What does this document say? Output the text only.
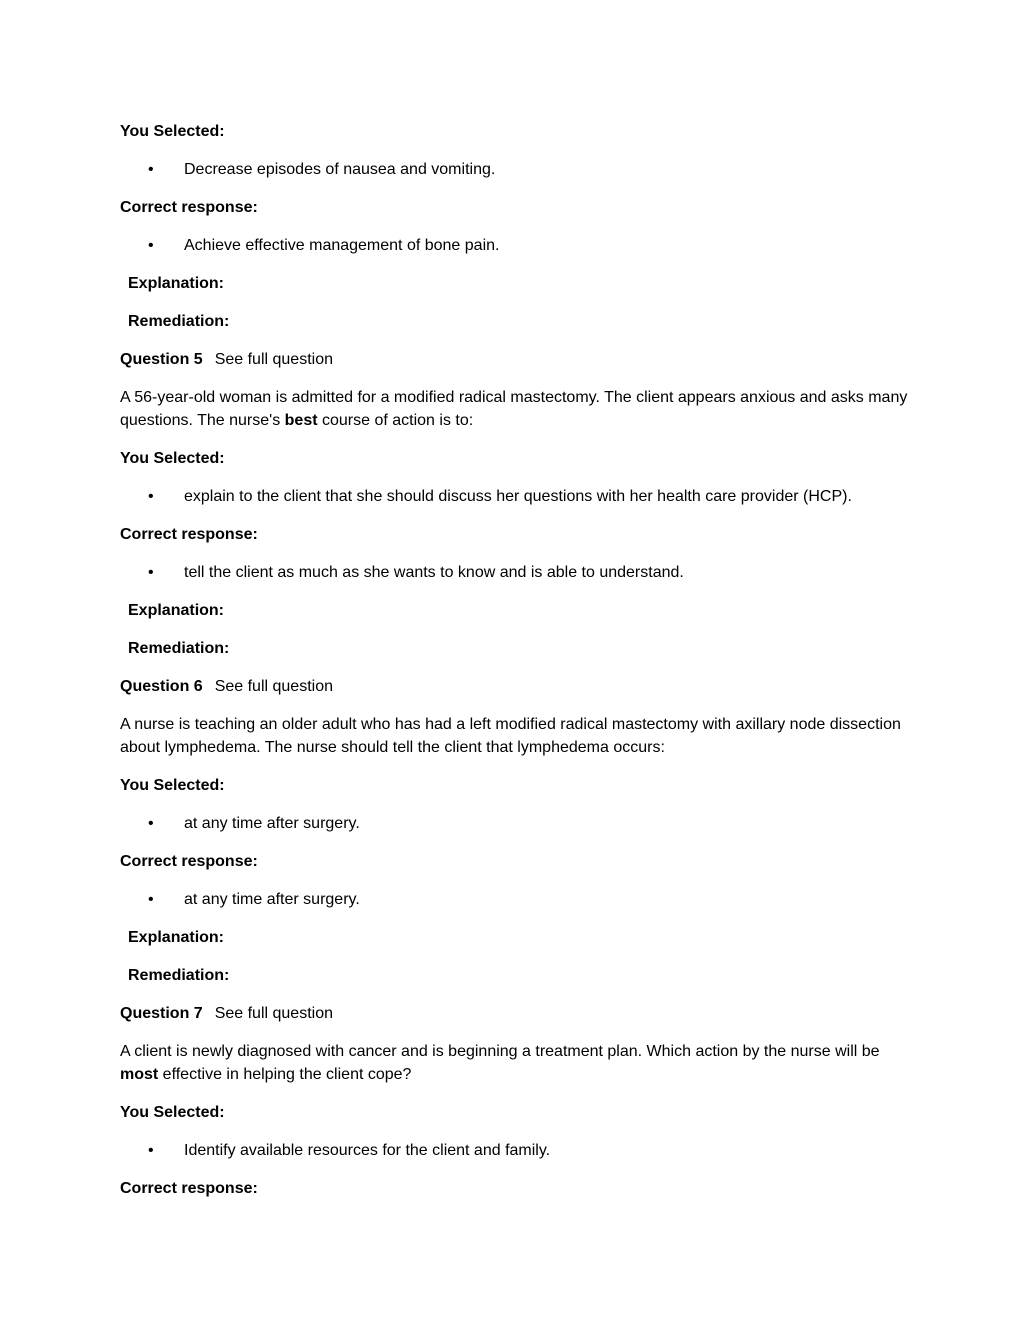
You Selected:
• Decrease episodes of nausea and vomiting.
Correct response:
• Achieve effective management of bone pain.
Explanation:
Remediation:
Question 5 See full question
A 56-year-old woman is admitted for a modified radical mastectomy. The client appears anxious and asks many questions. The nurse's best course of action is to:
You Selected:
• explain to the client that she should discuss her questions with her health care provider (HCP).
Correct response:
• tell the client as much as she wants to know and is able to understand.
Explanation:
Remediation:
Question 6 See full question
A nurse is teaching an older adult who has had a left modified radical mastectomy with axillary node dissection about lymphedema. The nurse should tell the client that lymphedema occurs:
You Selected:
• at any time after surgery.
Correct response:
• at any time after surgery.
Explanation:
Remediation:
Question 7 See full question
A client is newly diagnosed with cancer and is beginning a treatment plan. Which action by the nurse will be most effective in helping the client cope?
You Selected:
• Identify available resources for the client and family.
Correct response:
